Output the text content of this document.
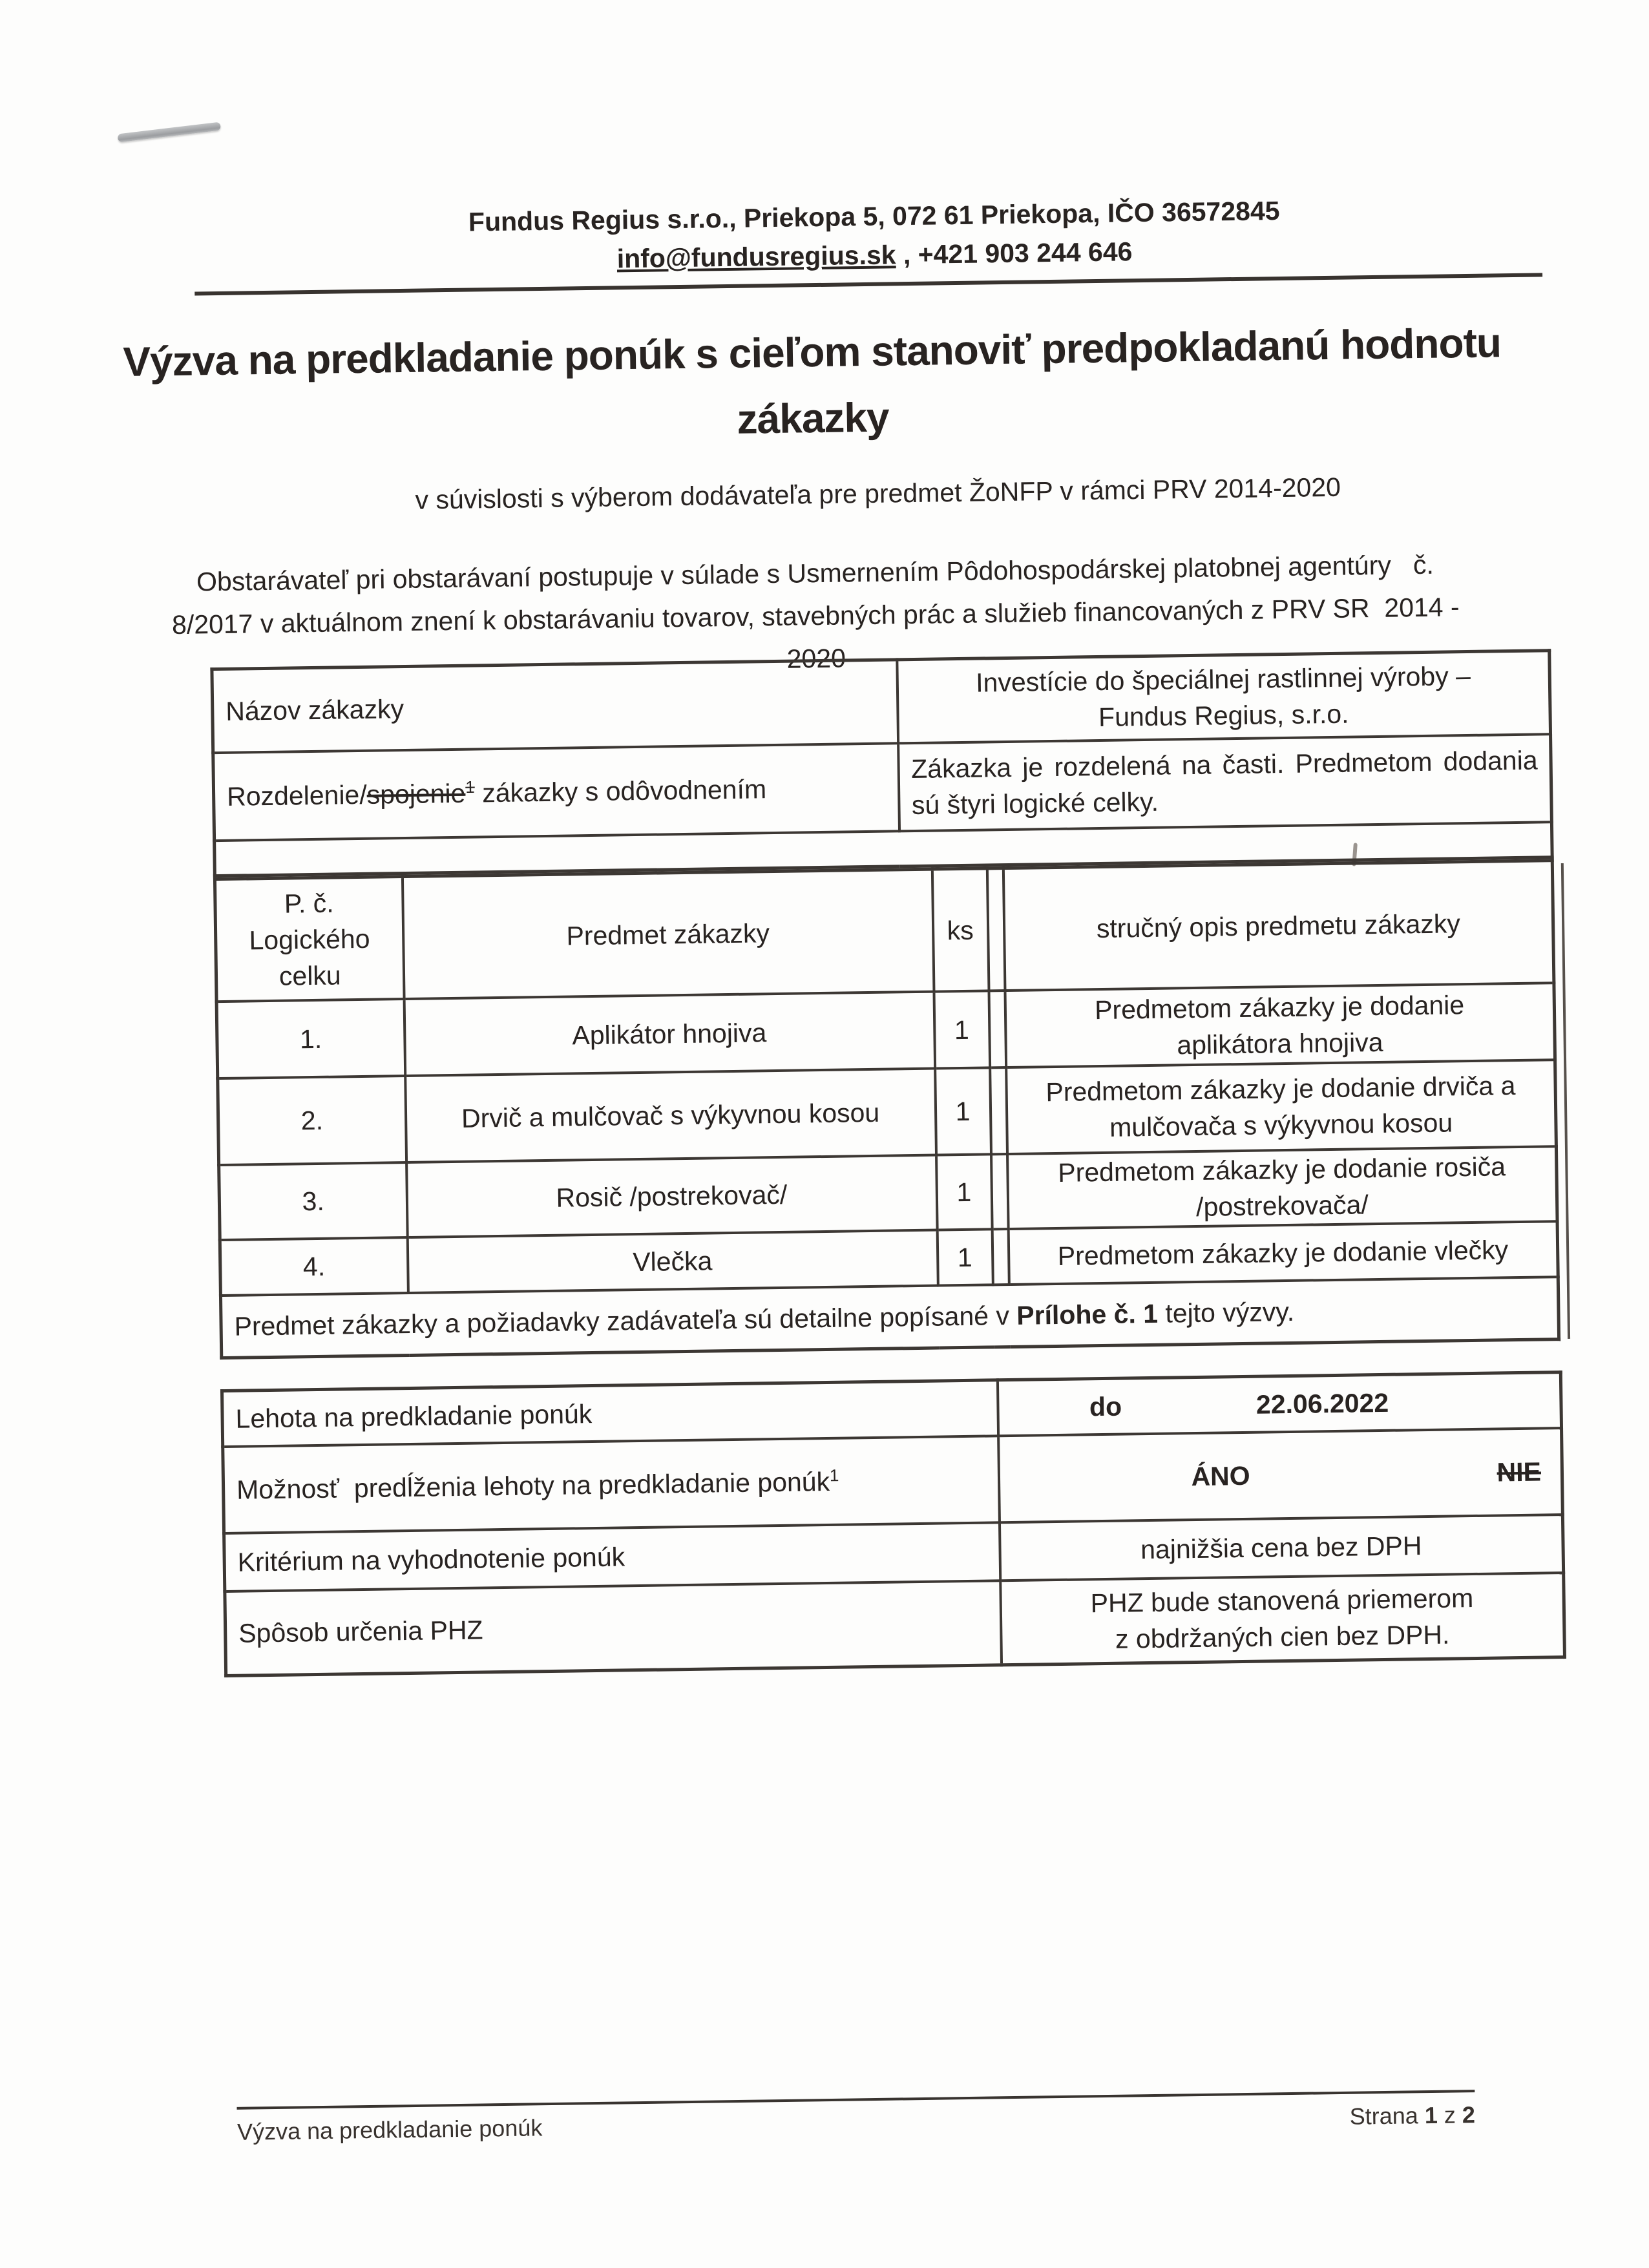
Fundus Regius s.r.o., Priekopa 5, 072 61 Priekopa, IČO 36572845
info@fundusregius.sk , +421 903 244 646
Výzva na predkladanie ponúk s cieľom stanoviť predpokladanú hodnotu
zákazky
v súvislosti s výberom dodávateľa pre predmet ŽoNFP v rámci PRV 2014-2020
Obstarávateľ pri obstarávaní postupuje v súlade s Usmernením Pôdohospodárskej platobnej agentúry   č.
8/2017 v aktuálnom znení k obstarávaniu tovarov, stavebných prác a služieb financovaných z PRV SR  2014 -
2020
Názov zákazky	Investície do špeciálnej rastlinnej výroby –
Fundus Regius, s.r.o.

Rozdelenie/spojenie$^1$ zákazky s odôvodnením	Zákazka je rozdelená na časti. Predmetom dodania sú štyri logické celky.

P. č. Logického celku	Predmet zákazky	ks		stručný opis predmetu zákazky
1.	Aplikátor hnojiva	1		Predmetom zákazky je dodanie aplikátora hnojiva

2.	Drvič a mulčovač s výkyvnou kosou	1		Predmetom zákazky je dodanie drviča a mulčovača s výkyvnou kosou

3.	Rosič /postrekovač/	1		Predmetom zákazky je dodanie rosiča /postrekovača/

4.	Vlečka	1		Predmetom zákazky je dodanie vlečky

Predmet zákazky a požiadavky zadávateľa sú detailne popísané v Prílohe č. 1 tejto výzvy.				
Lehota na predkladanie ponúk	do 22.06.2022

Možnosť  predĺženia lehoty na predkladanie ponúk$^1$	ÁNO NIE

Kritérium na vyhodnotenie ponúk	najnižšia cena bez DPH
Spôsob určenia PHZ	PHZ bude stanovená priemerom z obdržaných cien bez DPH.
Výzva na predkladanie ponúk	Strana 1 z 2
